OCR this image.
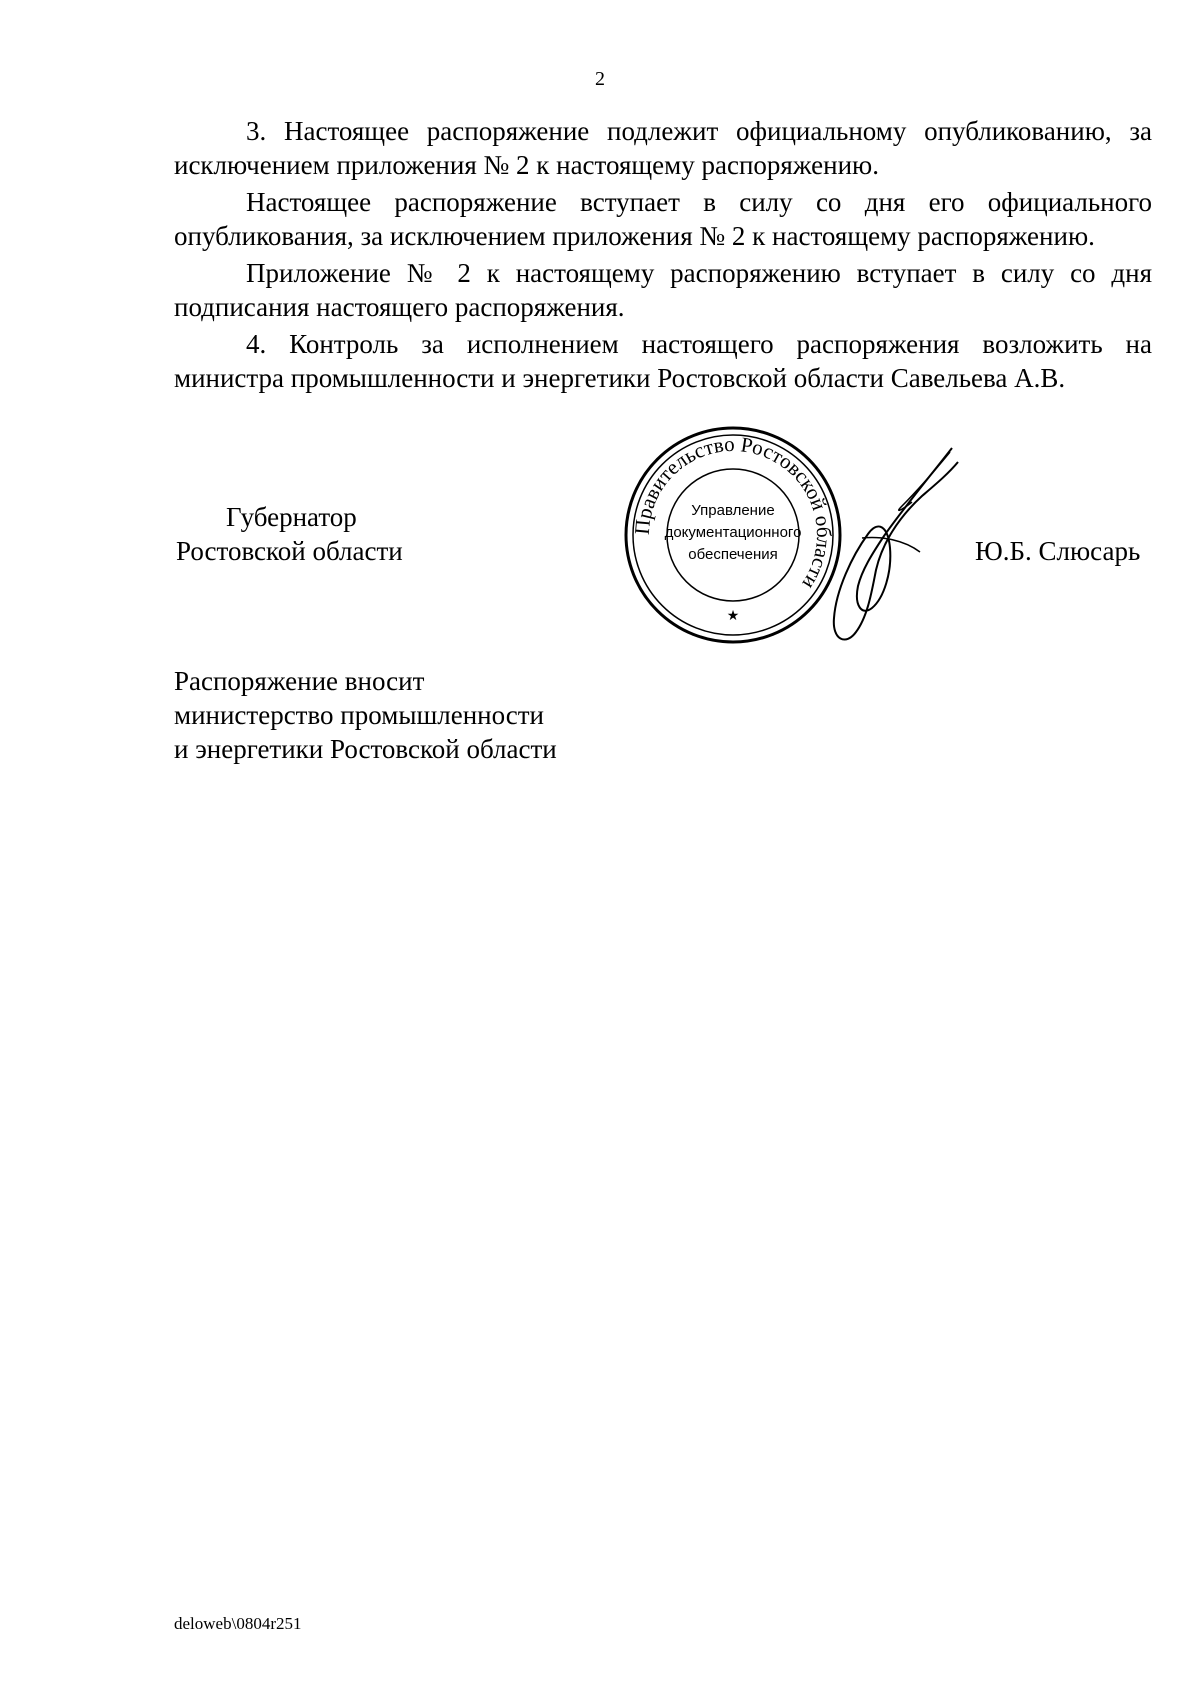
2

3. Настоящее распоряжение подлежит официальному опубликованию, за исключением приложения № 2 к настоящему распоряжению.

Настоящее распоряжение вступает в силу со дня его официального опубликования, за исключением приложения № 2 к настоящему распоряжению.

Приложение № 2 к настоящему распоряжению вступает в силу со дня подписания настоящего распоряжения.

4. Контроль за исполнением настоящего распоряжения возложить на министра промышленности и энергетики Ростовской области Савельева А.В.

Губернатор
Ростовской области
Правительство Ростовской области
★
Управление
документационного
обеспечения	Ю.Б. Слюсарь
Распоряжение вносит
министерство промышленности
и энергетики Ростовской области
deloweb\0804r251
